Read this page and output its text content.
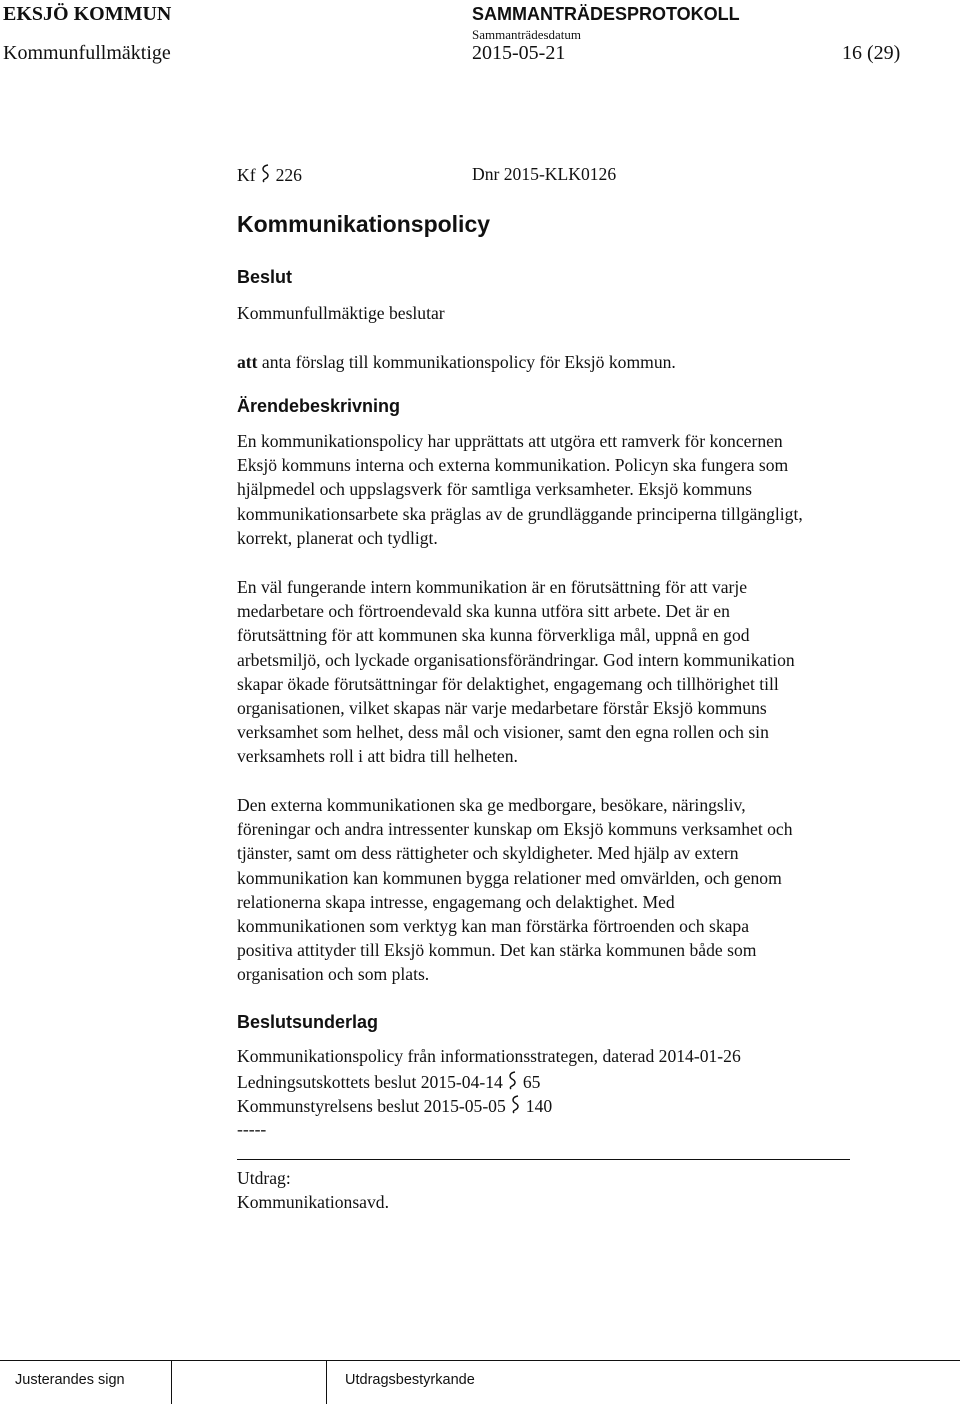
EKSJÖ KOMMUN	SAMMANTRÄDESPROTOKOLL
Sammanträdesdatum
Kommunfullmäktige	2015-05-21	16 (29)
Kf 226	Dnr 2015-KLK0126
Kommunikationspolicy
Beslut
Kommunfullmäktige beslutar
att anta förslag till kommunikationspolicy för Eksjö kommun.
Ärendebeskrivning
En kommunikationspolicy har upprättats att utgöra ett ramverk för koncernen
Eksjö kommuns interna och externa kommunikation. Policyn ska fungera som
hjälpmedel och uppslagsverk för samtliga verksamheter. Eksjö kommuns
kommunikationsarbete ska präglas av de grundläggande principerna tillgängligt,
korrekt, planerat och tydligt.
En väl fungerande intern kommunikation är en förutsättning för att varje
medarbetare och förtroendevald ska kunna utföra sitt arbete. Det är en
förutsättning för att kommunen ska kunna förverkliga mål, uppnå en god
arbetsmiljö, och lyckade organisationsförändringar. God intern kommunikation
skapar ökade förutsättningar för delaktighet, engagemang och tillhörighet till
organisationen, vilket skapas när varje medarbetare förstår Eksjö kommuns
verksamhet som helhet, dess mål och visioner, samt den egna rollen och sin
verksamhets roll i att bidra till helheten.
Den externa kommunikationen ska ge medborgare, besökare, näringsliv,
föreningar och andra intressenter kunskap om Eksjö kommuns verksamhet och
tjänster, samt om dess rättigheter och skyldigheter. Med hjälp av extern
kommunikation kan kommunen bygga relationer med omvärlden, och genom
relationerna skapa intresse, engagemang och delaktighet. Med
kommunikationen som verktyg kan man förstärka förtroenden och skapa
positiva attityder till Eksjö kommun. Det kan stärka kommunen både som
organisation och som plats.
Beslutsunderlag
Kommunikationspolicy från informationsstrategen, daterad 2014-01-26
Ledningsutskottets beslut 2015-04-14 65
Kommunstyrelsens beslut 2015-05-05 140
-----
Utdrag:
Kommunikationsavd.
Justerandes sign	Utdragsbestyrkande
